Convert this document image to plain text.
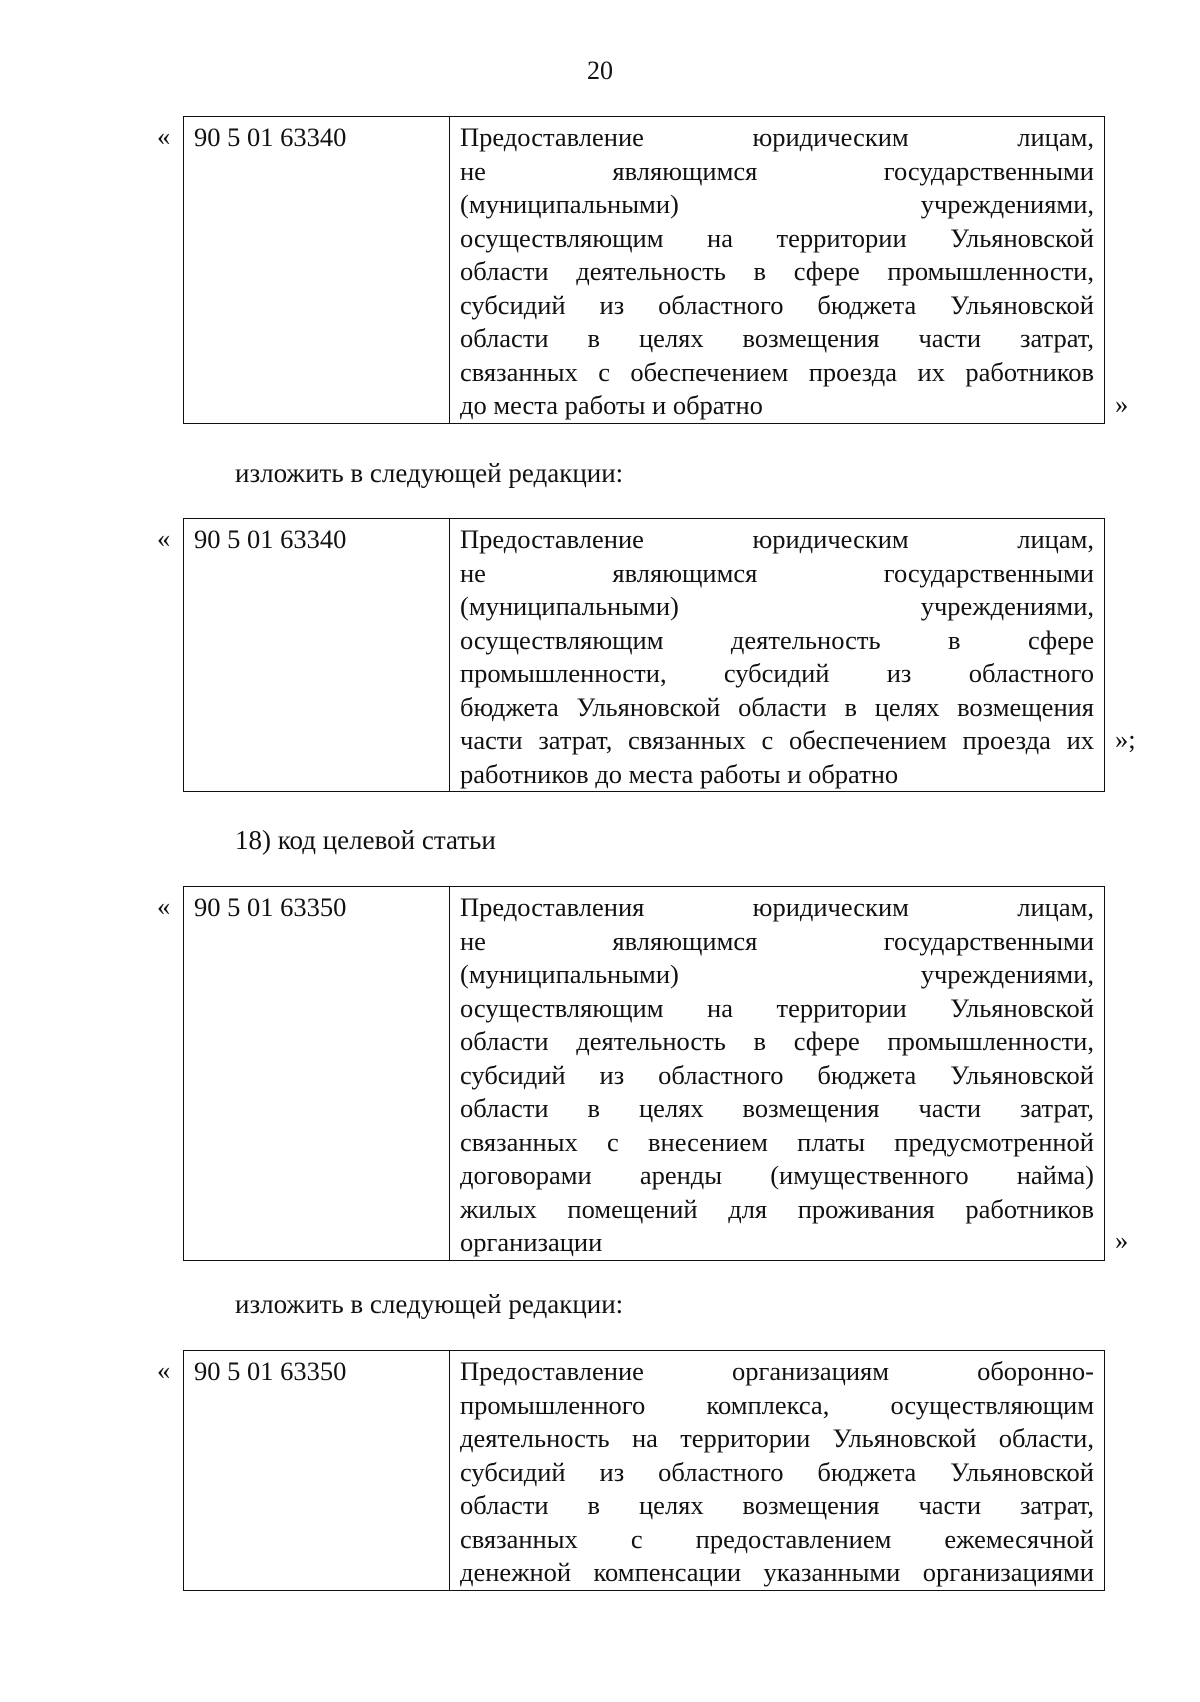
20
« 90 5 01 63340	Предоставление юридическим лицам,
не являющимся государственными
(муниципальными) учреждениями,
осуществляющим на территории Ульяновской
области деятельность в сфере промышленности,
субсидий из областного бюджета Ульяновской
области в целях возмещения части затрат,
связанных с обеспечением проезда их работников
до места работы и обратно	»
изложить в следующей редакции:
« 90 5 01 63340	Предоставление юридическим лицам,
не являющимся государственными
(муниципальными) учреждениями,
осуществляющим деятельность в сфере
промышленности, субсидий из областного
бюджета Ульяновской области в целях возмещения
части затрат, связанных с обеспечением проезда их
работников до места работы и обратно
»;
18) код целевой статьи
« 90 5 01 63350	Предоставления юридическим лицам,
не являющимся государственными
(муниципальными) учреждениями,
осуществляющим на территории Ульяновской
области деятельность в сфере промышленности,
субсидий из областного бюджета Ульяновской
области в целях возмещения части затрат,
связанных с внесением платы предусмотренной
договорами аренды (имущественного найма)
жилых помещений для проживания работников
организации	»
изложить в следующей редакции:
« 90 5 01 63350	Предоставление организациям оборонно-
промышленного комплекса, осуществляющим
деятельность на территории Ульяновской области,
субсидий из областного бюджета Ульяновской
области в целях возмещения части затрат,
связанных с предоставлением ежемесячной
денежной компенсации указанными организациями
